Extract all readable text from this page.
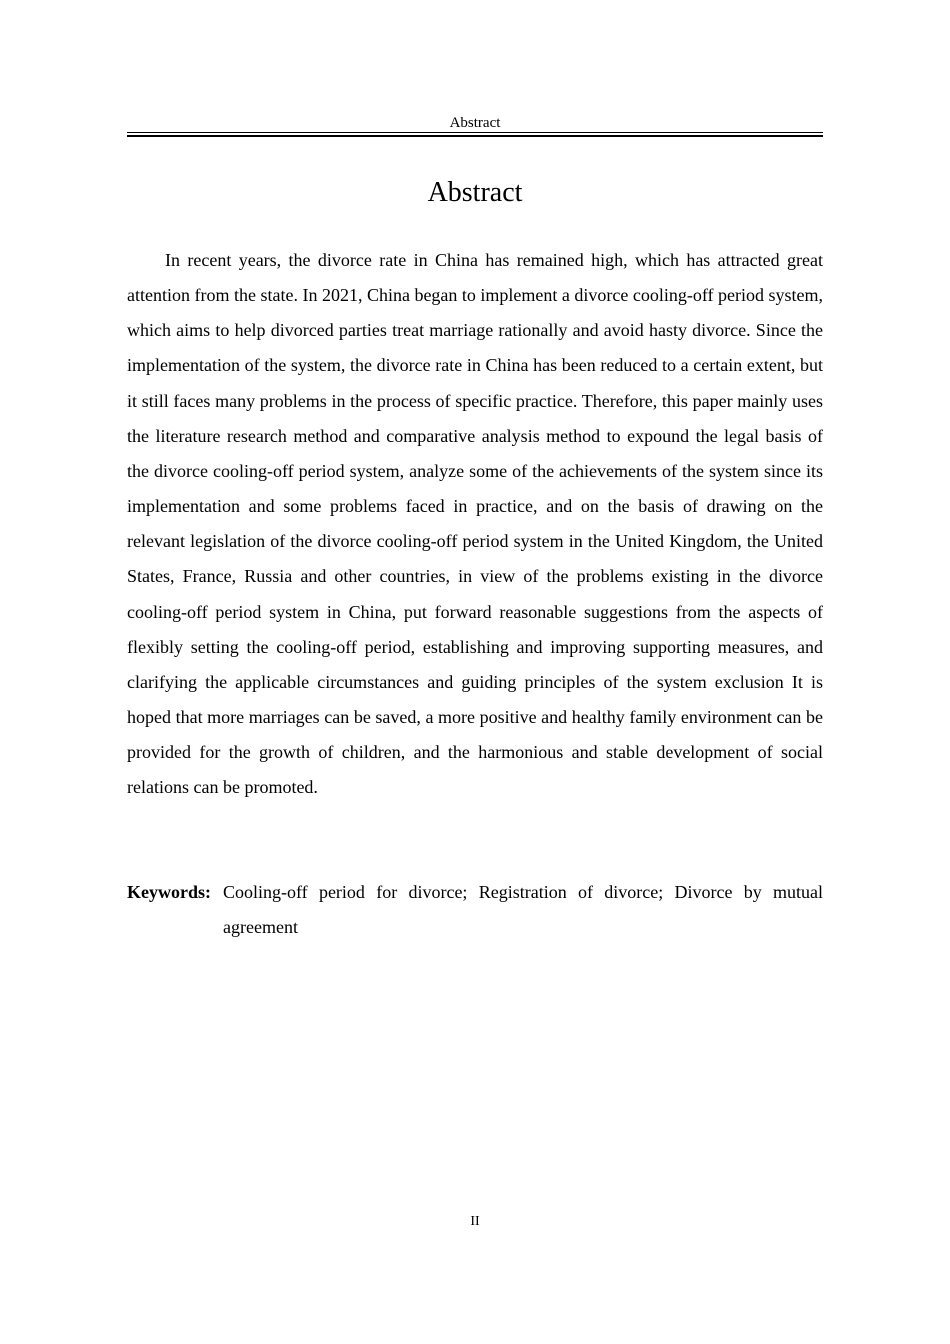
Abstract
Abstract

In recent years, the divorce rate in China has remained high, which has attracted great attention from the state. In 2021, China began to implement a divorce cooling-off period system, which aims to help divorced parties treat marriage rationally and avoid hasty divorce. Since the implementation of the system, the divorce rate in China has been reduced to a certain extent, but it still faces many problems in the process of specific practice. Therefore, this paper mainly uses the literature research method and comparative analysis method to expound the legal basis of the divorce cooling-off period system, analyze some of the achievements of the system since its implementation and some problems faced in practice, and on the basis of drawing on the relevant legislation of the divorce cooling-off period system in the United Kingdom, the United States, France, Russia and other countries, in view of the problems existing in the divorce cooling-off period system in China, put forward reasonable suggestions from the aspects of flexibly setting the cooling-off period, establishing and improving supporting measures, and clarifying the applicable circumstances and guiding principles of the system exclusion It is hoped that more marriages can be saved, a more positive and healthy family environment can be provided for the growth of children, and the harmonious and stable development of social relations can be promoted.

Keywords: Cooling-off period for divorce; Registration of divorce; Divorce by mutual agreement
II
